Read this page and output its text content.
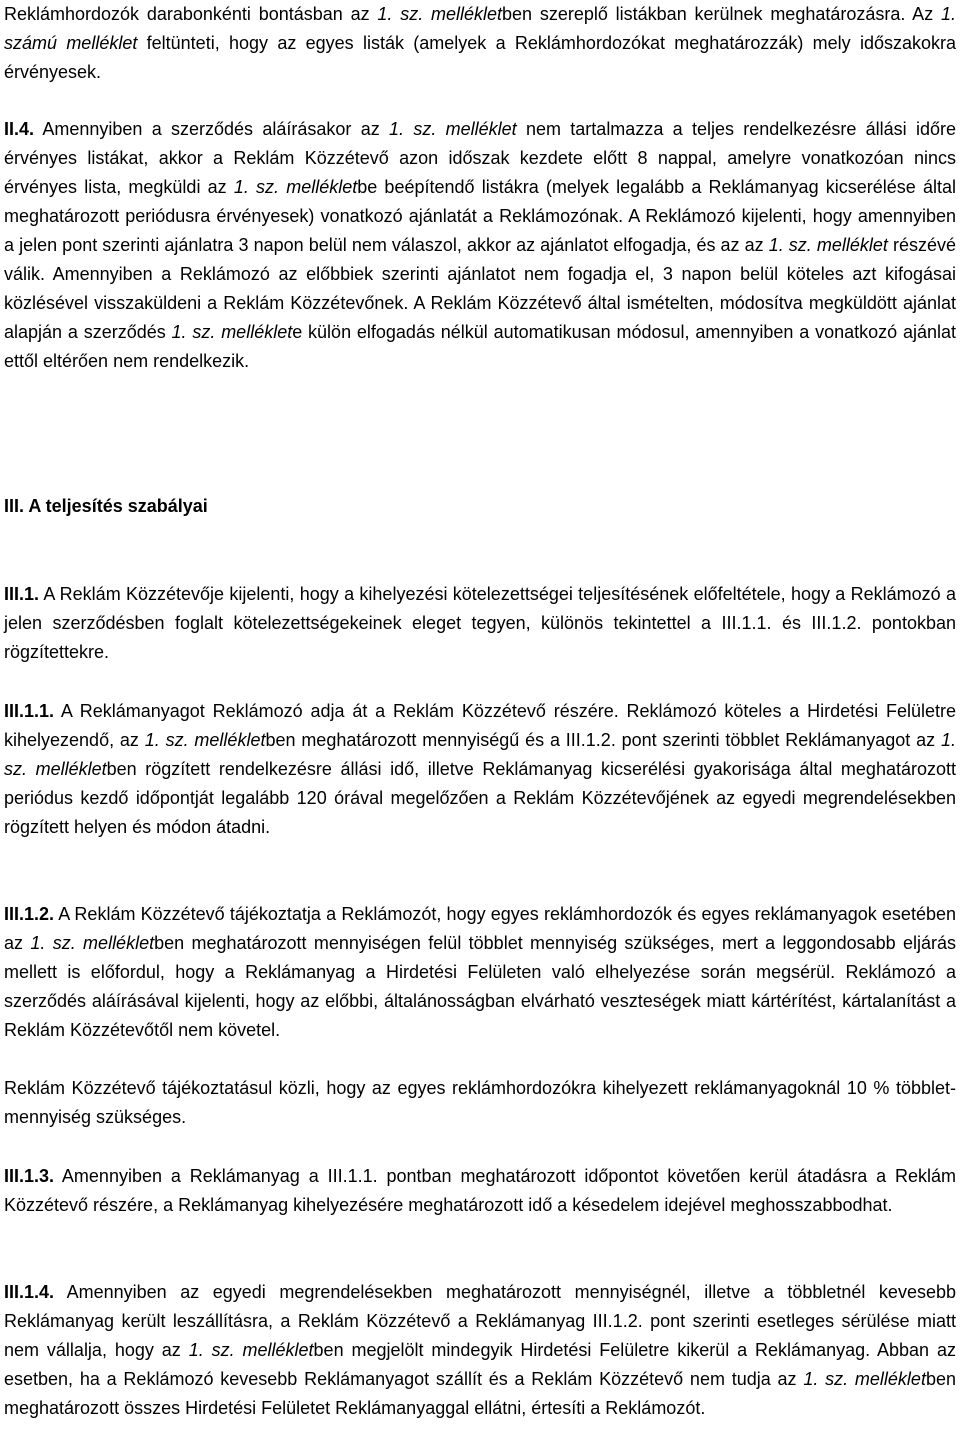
Reklámhordozók darabonkénti bontásban az 1. sz. mellékletben szereplő listákban kerülnek meghatározásra. Az 1. számú melléklet feltünteti, hogy az egyes listák (amelyek a Reklámhordozókat meghatározzák) mely időszakokra érvényesek.

II.4. Amennyiben a szerződés aláírásakor az 1. sz. melléklet nem tartalmazza a teljes rendelkezésre állási időre érvényes listákat, akkor a Reklám Közzétevő azon időszak kezdete előtt 8 nappal, amelyre vonatkozóan nincs érvényes lista, megküldi az 1. sz. mellékletbe beépítendő listákra (melyek legalább a Reklámanyag kicserélése által meghatározott periódusra érvényesek) vonatkozó ajánlatát a Reklámozónak. A Reklámozó kijelenti, hogy amennyiben a jelen pont szerinti ajánlatra 3 napon belül nem válaszol, akkor az ajánlatot elfogadja, és az az 1. sz. melléklet részévé válik. Amennyiben a Reklámozó az előbbiek szerinti ajánlatot nem fogadja el, 3 napon belül köteles azt kifogásai közlésével visszaküldeni a Reklám Közzétevőnek. A Reklám Közzétevő által ismételten, módosítva megküldött ajánlat alapján a szerződés 1. sz. melléklete külön elfogadás nélkül automatikusan módosul, amennyiben a vonatkozó ajánlat ettől eltérően nem rendelkezik.

III. A teljesítés szabályai

III.1. A Reklám Közzétevője kijelenti, hogy a kihelyezési kötelezettségei teljesítésének előfeltétele, hogy a Reklámozó a jelen szerződésben foglalt kötelezettségekeinek eleget tegyen, különös tekintettel a III.1.1. és III.1.2. pontokban rögzítettekre.

III.1.1. A Reklámanyagot Reklámozó adja át a Reklám Közzétevő részére. Reklámozó köteles a Hirdetési Felületre kihelyezendő, az 1. sz. mellékletben meghatározott mennyiségű és a III.1.2. pont szerinti többlet Reklámanyagot az 1. sz. mellékletben rögzített rendelkezésre állási idő, illetve Reklámanyag kicserélési gyakorisága által meghatározott periódus kezdő időpontját legalább 120 órával megelőzően a Reklám Közzétevőjének az egyedi megrendelésekben rögzített helyen és módon átadni.

III.1.2. A Reklám Közzétevő tájékoztatja a Reklámozót, hogy egyes reklámhordozók és egyes reklámanyagok esetében az 1. sz. mellékletben meghatározott mennyiségen felül többlet mennyiség szükséges, mert a leggondosabb eljárás mellett is előfordul, hogy a Reklámanyag a Hirdetési Felületen való elhelyezése során megsérül. Reklámozó a szerződés aláírásával kijelenti, hogy az előbbi, általánosságban elvárható veszteségek miatt kártérítést, kártalanítást a Reklám Közzétevőtől nem követel.

Reklám Közzétevő tájékoztatásul közli, hogy az egyes reklámhordozókra kihelyezett reklámanyagoknál 10 % többlet-mennyiség szükséges.

III.1.3. Amennyiben a Reklámanyag a III.1.1. pontban meghatározott időpontot követően kerül átadásra a Reklám Közzétevő részére, a Reklámanyag kihelyezésére meghatározott idő a késedelem idejével meghosszabbodhat.

III.1.4. Amennyiben az egyedi megrendelésekben meghatározott mennyiségnél, illetve a többletnél kevesebb Reklámanyag került leszállításra, a Reklám Közzétevő a Reklámanyag III.1.2. pont szerinti esetleges sérülése miatt nem vállalja, hogy az 1. sz. mellékletben megjelölt mindegyik Hirdetési Felületre kikerül a Reklámanyag. Abban az esetben, ha a Reklámozó kevesebb Reklámanyagot szállít és a Reklám Közzétevő nem tudja az 1. sz. mellékletben meghatározott összes Hirdetési Felületet Reklámanyaggal ellátni, értesíti a Reklámozót.
